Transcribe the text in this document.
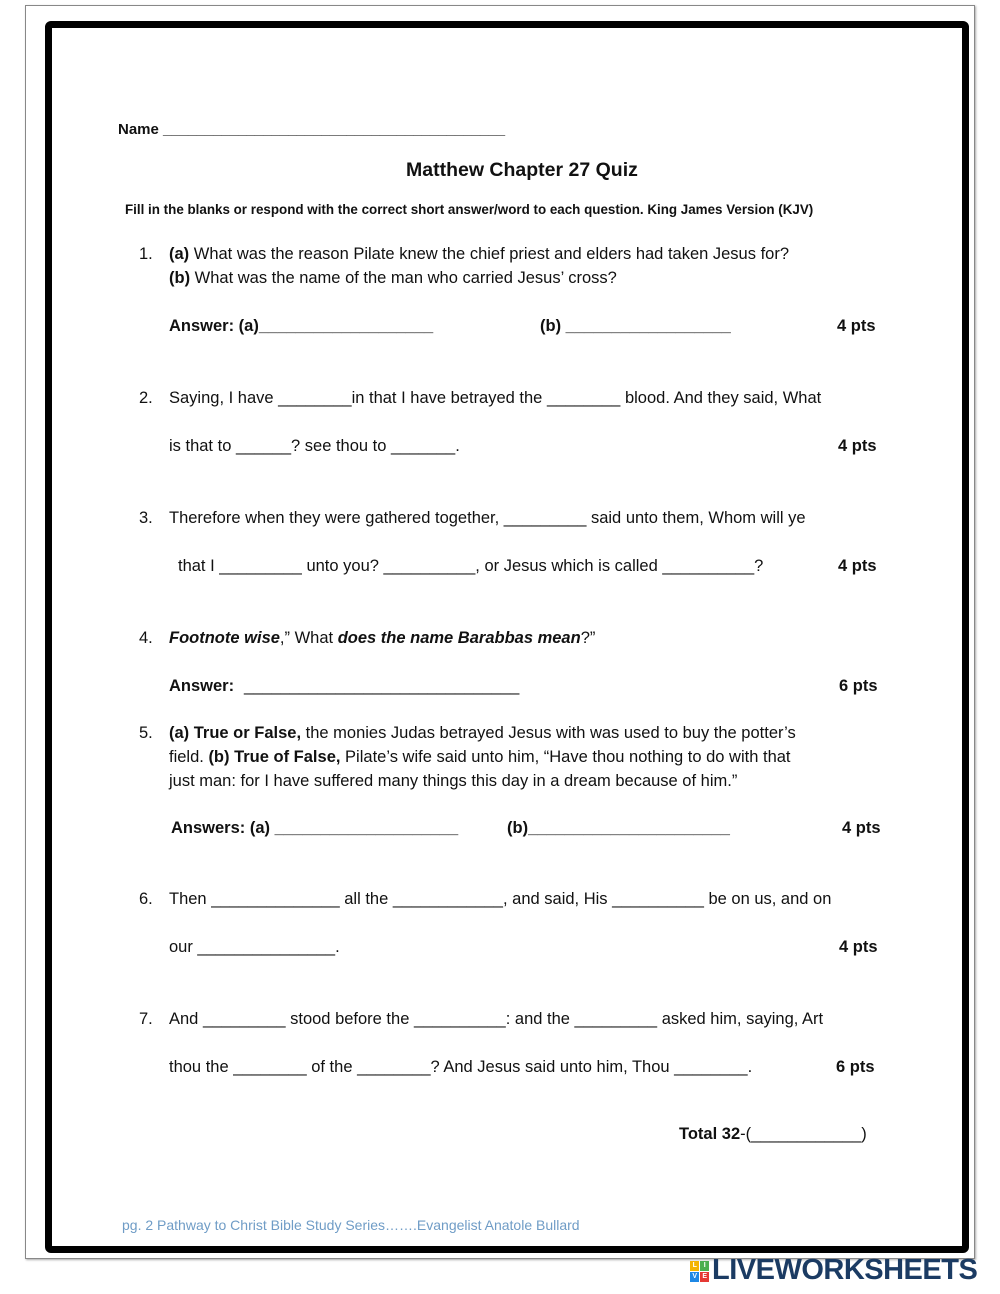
Name _________________________________________
Matthew Chapter 27 Quiz
Fill in the blanks or respond with the correct short answer/word to each question. King James Version (KJV)
1. (a) What was the reason Pilate knew the chief priest and elders had taken Jesus for?
(b) What was the name of the man who carried Jesus’ cross?
Answer: (a)___________________	(b) __________________	4 pts
2. Saying, I have ________in that I have betrayed the ________ blood. And they said, What
is that to ______? see thou to _______.	4 pts
3. Therefore when they were gathered together, _________ said unto them, Whom will ye
that I _________ unto you? __________, or Jesus which is called __________?	4 pts
4. Footnote wise,” What does the name Barabbas mean?”
Answer: ______________________________	6 pts
5. (a) True or False, the monies Judas betrayed Jesus with was used to buy the potter’s
field. (b) True of False, Pilate’s wife said unto him, “Have thou nothing to do with that
just man: for I have suffered many things this day in a dream because of him.”
Answers: (a) ____________________	(b)______________________	4 pts
6. Then ______________ all the ____________, and said, His __________ be on us, and on
our _______________.	4 pts
7. And _________ stood before the __________: and the _________ asked him, saying, Art
thou the ________ of the ________? And Jesus said unto him, Thou ________.	6 pts
Total 32-(____________)
pg. 2 Pathway to Christ Bible Study Series…….Evangelist Anatole Bullard
L	I
V E LIVEWORKSHEETS
